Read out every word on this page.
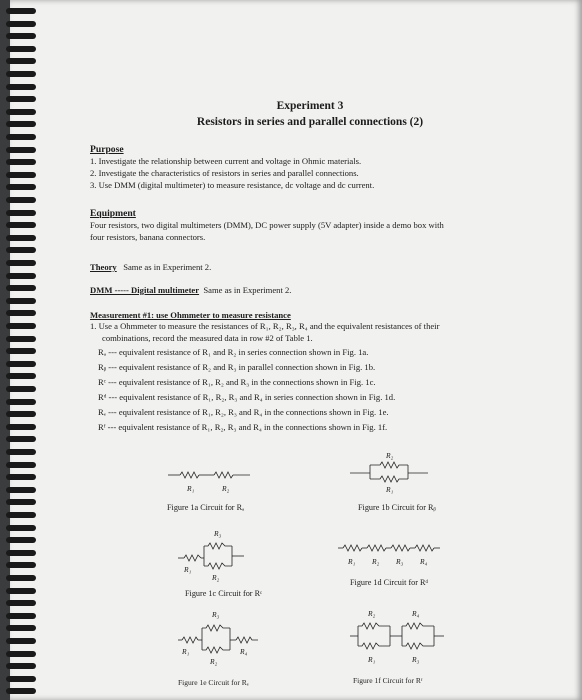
Experiment 3
Resistors in series and parallel connections (2)
Purpose
1. Investigate the relationship between current and voltage in Ohmic materials.
2. Investigate the characteristics of resistors in series and parallel connections.
3. Use DMM (digital multimeter) to measure resistance, dc voltage and dc current.
Equipment
Four resistors, two digital multimeters (DMM), DC power supply (5V adapter) inside a demo box with
four resistors, banana connectors.
Theory Same as in Experiment 2.
DMM ----- Digital multimeter Same as in Experiment 2.
Measurement #1: use Ohmmeter to measure resistance
1. Use a Ohmmeter to measure the resistances of R₁, R₂, R₃, R₄ and the equivalent resistances of their
combinations, record the measured data in row #2 of Table 1.
Rₐ --- equivalent resistance of R₁ and R₂ in series connection shown in Fig. 1a.
Rᵦ --- equivalent resistance of R₂ and R₃ in parallel connection shown in Fig. 1b.
Rᶜ --- equivalent resistance of R₁, R₂ and R₃ in the connections shown in Fig. 1c.
Rᵈ --- equivalent resistance of R₁, R₂, R₃ and R₄ in series connection shown in Fig. 1d.
Rₑ --- equivalent resistance of R₁, R₂, R₃ and R₄ in the connections shown in Fig. 1e.
Rᶠ --- equivalent resistance of R₁, R₂, R₃ and R₄ in the connections shown in Fig. 1f.
R₁	R₂
Figure 1a Circuit for Rₐ
R₂
R₁
Figure 1b Circuit for Rᵦ
R₃
R₁
R₂
Figure 1c Circuit for Rᶜ
R₁ R₂ R₃ R₄
Figure 1d Circuit for Rᵈ
R₃
R₁	R₄
R₂
Figure 1e Circuit for Rₑ
R₂	R₄
R₁	R₃
Figure 1f Circuit for Rᶠ
